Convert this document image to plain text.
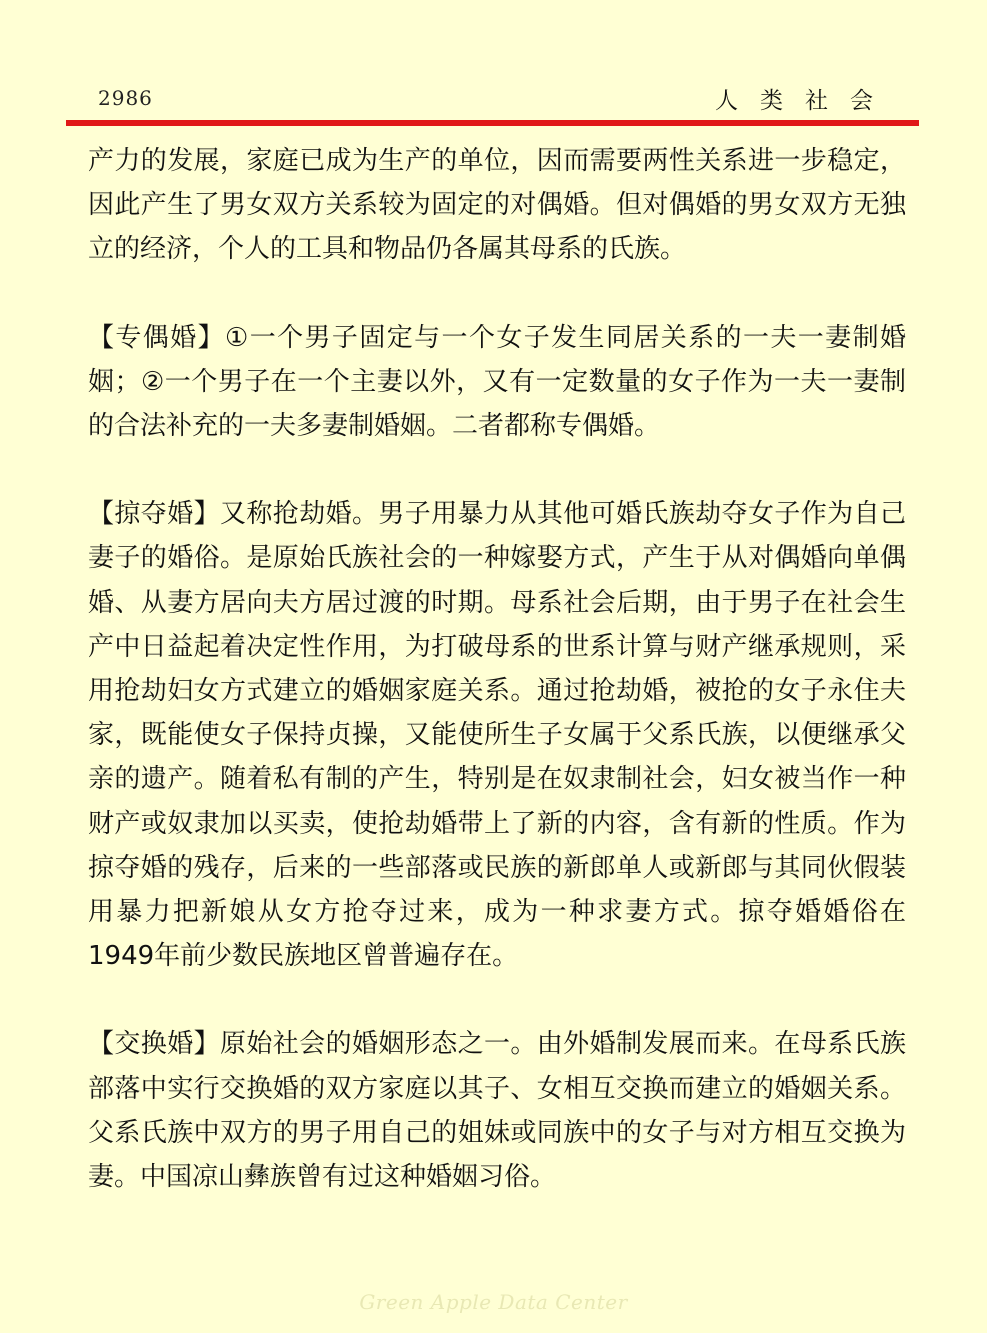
2986	人类社会

产力的发展，家庭已成为生产的单位，因而需要两性关系进一步稳定，因此产生了男女双方关系较为固定的对偶婚。但对偶婚的男女双方无独立的经济，个人的工具和物品仍各属其母系的氏族。

【专偶婚】①一个男子固定与一个女子发生同居关系的一夫一妻制婚姻；②一个男子在一个主妻以外，又有一定数量的女子作为一夫一妻制的合法补充的一夫多妻制婚姻。二者都称专偶婚。

【掠夺婚】又称抢劫婚。男子用暴力从其他可婚氏族劫夺女子作为自己妻子的婚俗。是原始氏族社会的一种嫁娶方式，产生于从对偶婚向单偶婚、从妻方居向夫方居过渡的时期。母系社会后期，由于男子在社会生产中日益起着决定性作用，为打破母系的世系计算与财产继承规则，采用抢劫妇女方式建立的婚姻家庭关系。通过抢劫婚，被抢的女子永住夫家，既能使女子保持贞操，又能使所生子女属于父系氏族，以便继承父亲的遗产。随着私有制的产生，特别是在奴隶制社会，妇女被当作一种财产或奴隶加以买卖，使抢劫婚带上了新的内容，含有新的性质。作为掠夺婚的残存，后来的一些部落或民族的新郎单人或新郎与其同伙假装用暴力把新娘从女方抢夺过来，成为一种求妻方式。掠夺婚婚俗在1949年前少数民族地区曾普遍存在。

【交换婚】原始社会的婚姻形态之一。由外婚制发展而来。在母系氏族部落中实行交换婚的双方家庭以其子、女相互交换而建立的婚姻关系。父系氏族中双方的男子用自己的姐妹或同族中的女子与对方相互交换为妻。中国凉山彝族曾有过这种婚姻习俗。

Green Apple Data Center
